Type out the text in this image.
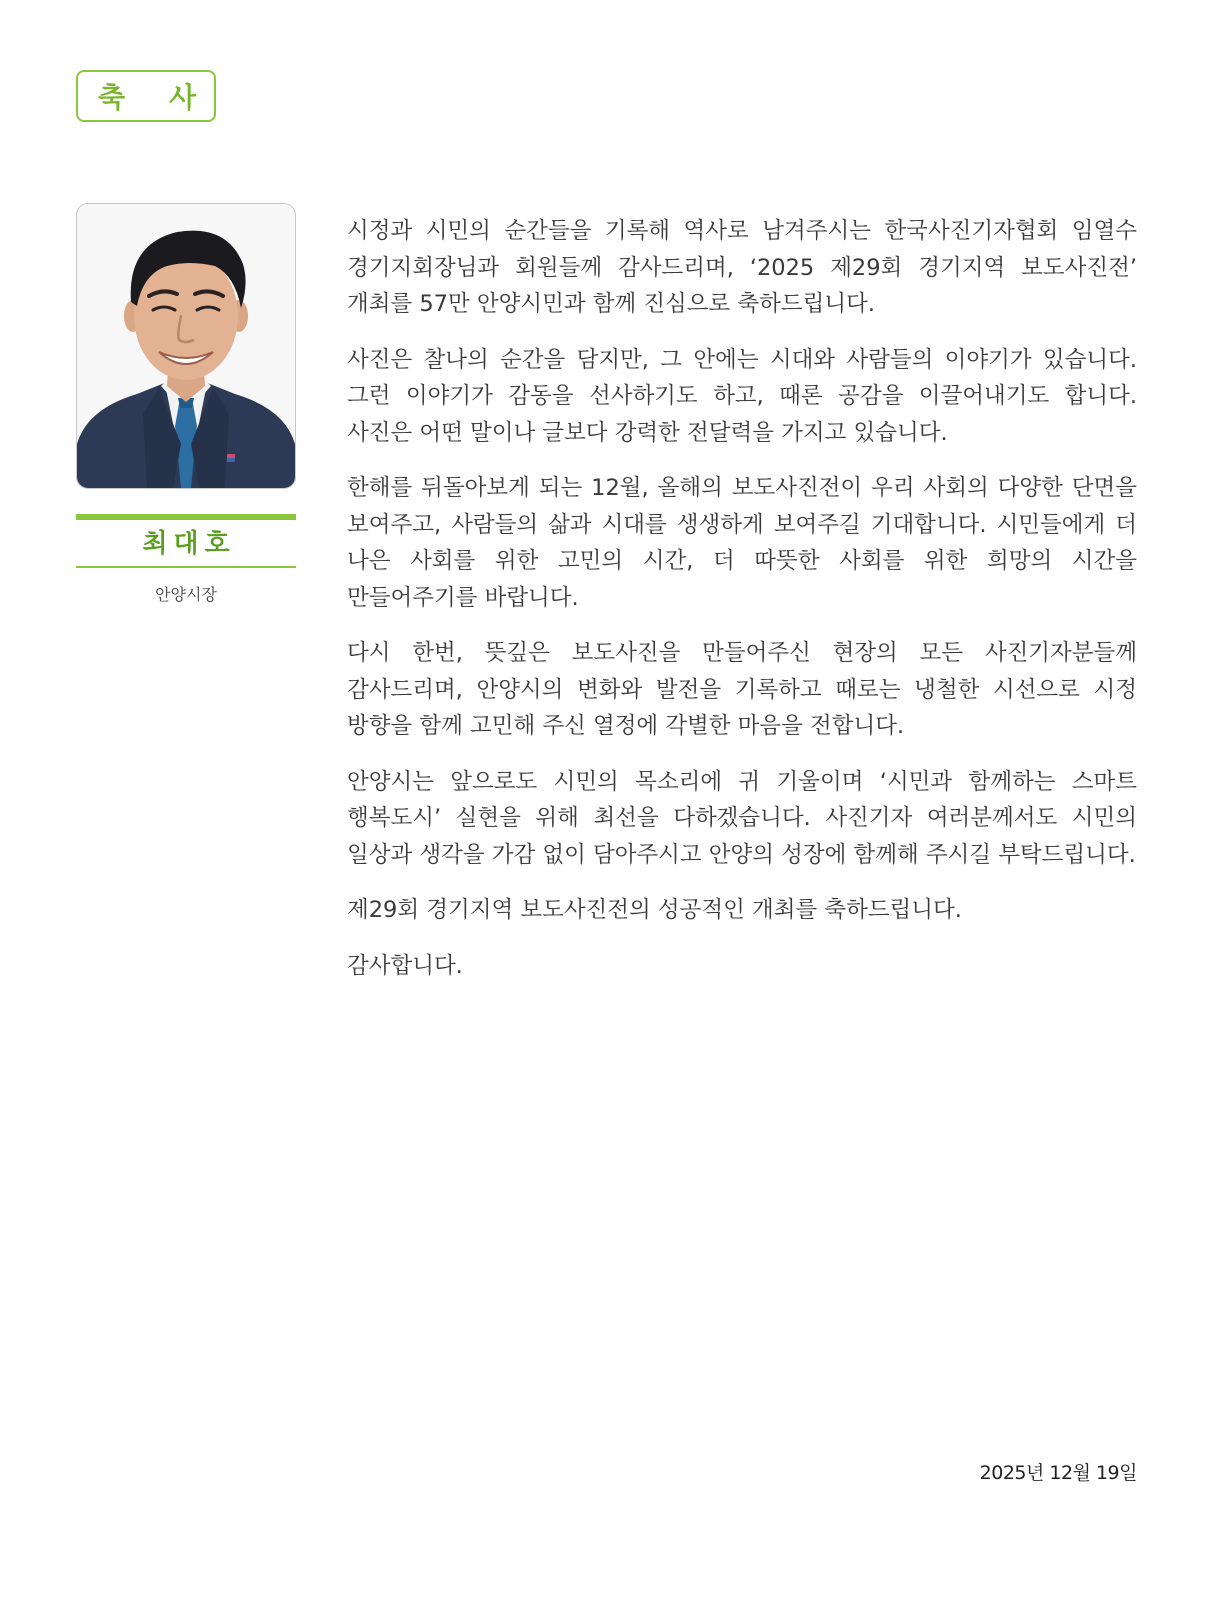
축 사
최대호
안양시장

시정과 시민의 순간들을 기록해 역사로 남겨주시는 한국사진기자협회 임열수 경기지회장님과 회원들께 감사드리며, ‘2025 제29회 경기지역 보도사진전’ 개최를 57만 안양시민과 함께 진심으로 축하드립니다.

사진은 찰나의 순간을 담지만, 그 안에는 시대와 사람들의 이야기가 있습니다. 그런 이야기가 감동을 선사하기도 하고, 때론 공감을 이끌어내기도 합니다. 사진은 어떤 말이나 글보다 강력한 전달력을 가지고 있습니다.

한해를 뒤돌아보게 되는 12월, 올해의 보도사진전이 우리 사회의 다양한 단면을 보여주고, 사람들의 삶과 시대를 생생하게 보여주길 기대합니다. 시민들에게 더 나은 사회를 위한 고민의 시간, 더 따뜻한 사회를 위한 희망의 시간을 만들어주기를 바랍니다.

다시 한번, 뜻깊은 보도사진을 만들어주신 현장의 모든 사진기자분들께 감사드리며, 안양시의 변화와 발전을 기록하고 때로는 냉철한 시선으로 시정 방향을 함께 고민해 주신 열정에 각별한 마음을 전합니다.

안양시는 앞으로도 시민의 목소리에 귀 기울이며 ‘시민과 함께하는 스마트 행복도시’ 실현을 위해 최선을 다하겠습니다. 사진기자 여러분께서도 시민의 일상과 생각을 가감 없이 담아주시고 안양의 성장에 함께해 주시길 부탁드립니다.

제29회 경기지역 보도사진전의 성공적인 개최를 축하드립니다.

감사합니다.

2025년 12월 19일
